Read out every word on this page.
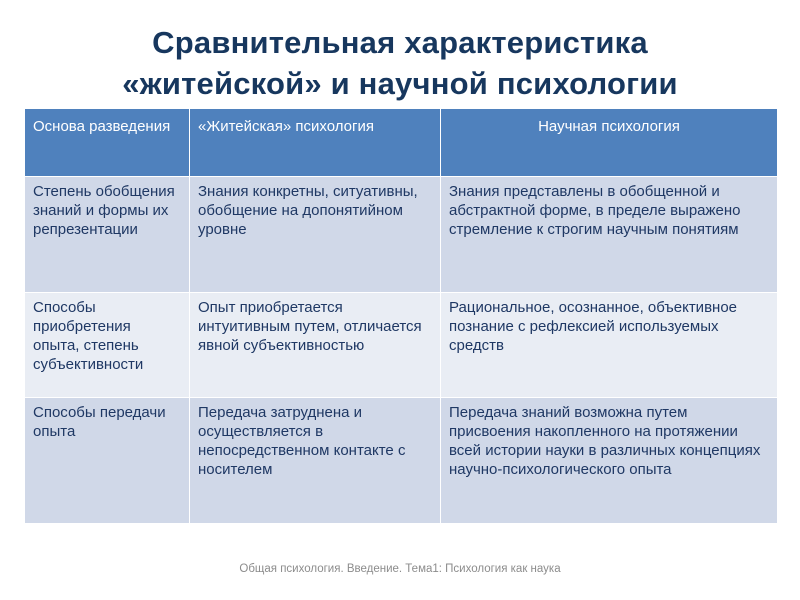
Сравнительная характеристика
«житейской» и научной психологии
Основа разведения	«Житейская» психология	Научная психология
Степень обобщения знаний и формы их репрезентации	Знания конкретны, ситуативны, обобщение на допонятийном уровне	Знания представлены в обобщенной и абстрактной форме, в пределе выражено стремление к строгим научным понятиям
Способы приобретения опыта, степень субъективности	Опыт приобретается интуитивным путем, отличается явной субъективностью	Рациональное, осознанное, объективное познание с рефлексией используемых средств
Способы передачи опыта	Передача затруднена и осуществляется в непосредственном контакте с носителем	Передача знаний возможна путем присвоения накопленного на протяжении всей истории науки в различных концепциях научно-психологического опыта
Общая психология. Введение. Тема1: Психология как наука
